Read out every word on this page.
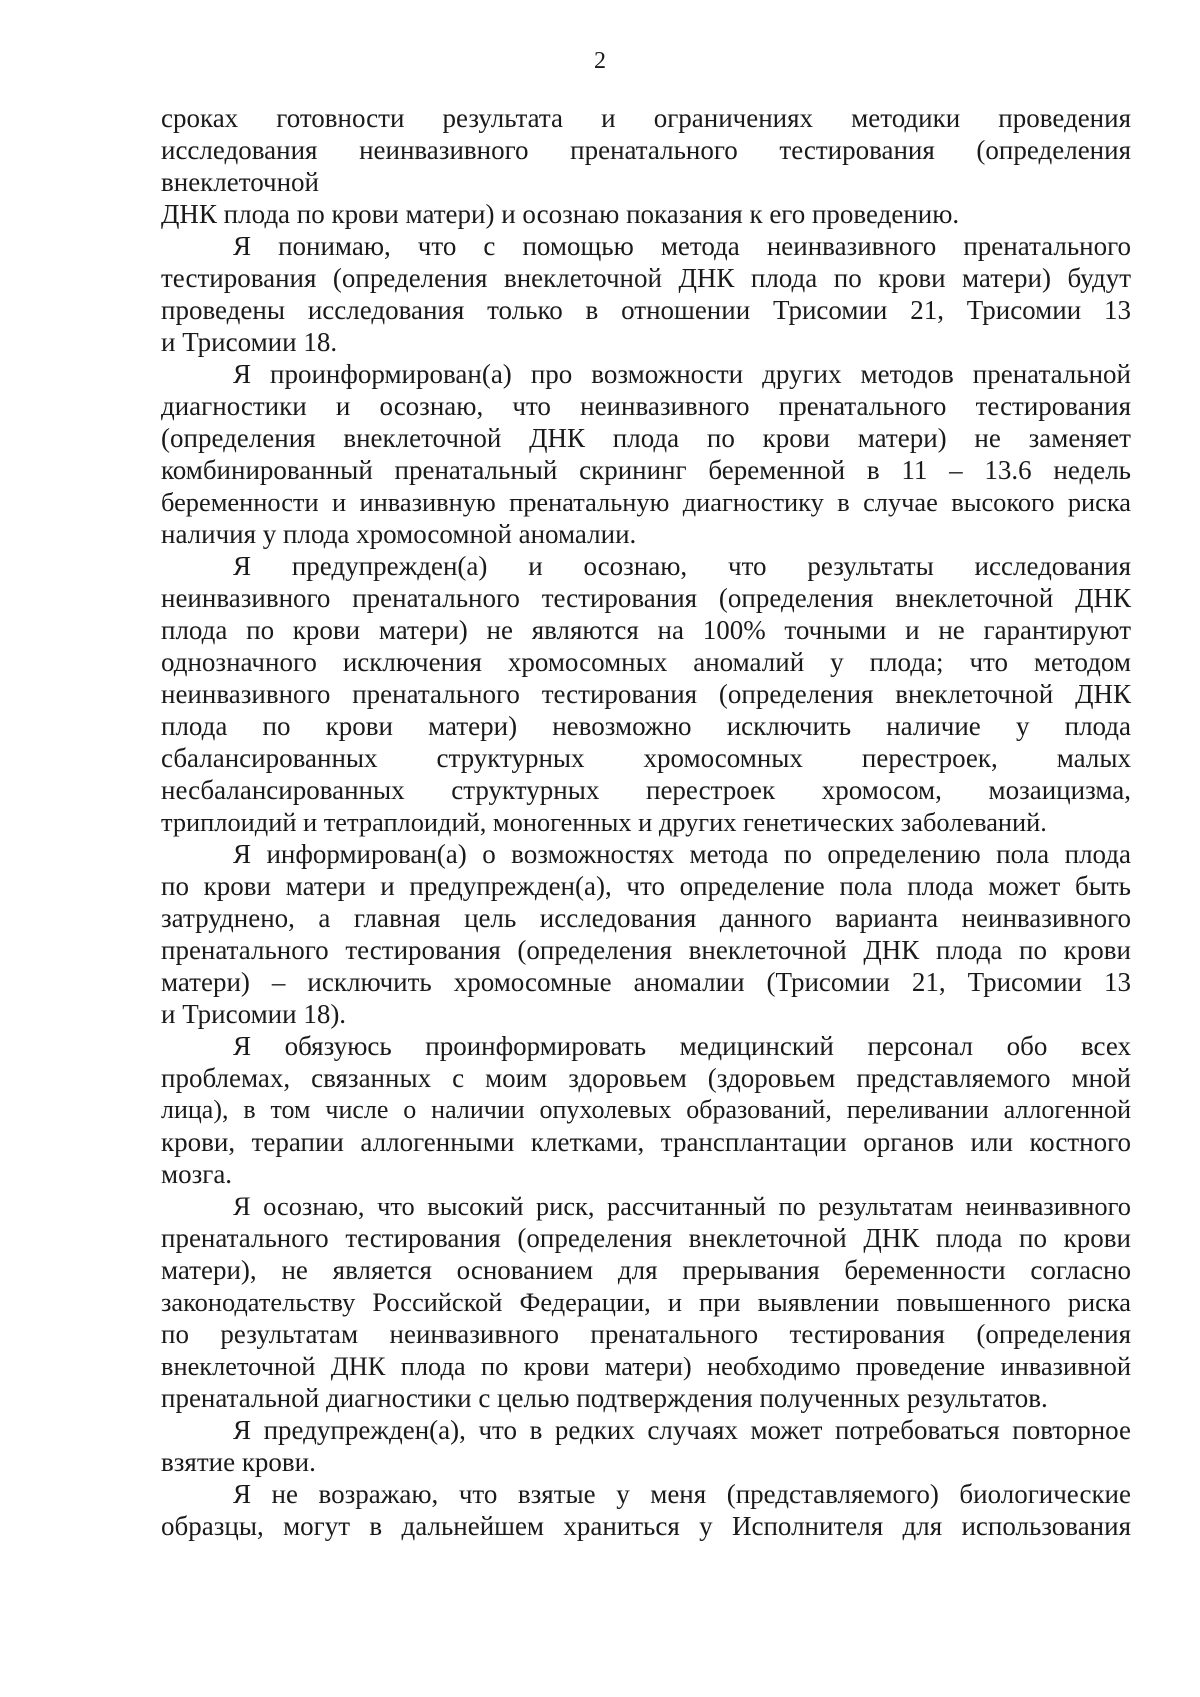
2
сроках готовности результата и ограничениях методики проведения
исследования неинвазивного пренатального тестирования (определения
внеклеточной
ДНК плода по крови матери) и осознаю показания к его проведению.
Я понимаю, что с помощью метода неинвазивного пренатального
тестирования (определения внеклеточной ДНК плода по крови матери) будут
проведены исследования только в отношении Трисомии 21, Трисомии 13
и Трисомии 18.
Я проинформирован(а) про возможности других методов пренатальной
диагностики и осознаю, что неинвазивного пренатального тестирования
(определения внеклеточной ДНК плода по крови матери) не заменяет
комбинированный пренатальный скрининг беременной в 11 – 13.6 недель
беременности и инвазивную пренатальную диагностику в случае высокого риска
наличия у плода хромосомной аномалии.
Я предупрежден(а) и осознаю, что результаты исследования
неинвазивного пренатального тестирования (определения внеклеточной ДНК
плода по крови матери) не являются на 100% точными и не гарантируют
однозначного исключения хромосомных аномалий у плода; что методом
неинвазивного пренатального тестирования (определения внеклеточной ДНК
плода по крови матери) невозможно исключить наличие у плода
сбалансированных структурных хромосомных перестроек, малых
несбалансированных структурных перестроек хромосом, мозаицизма,
триплоидий и тетраплоидий, моногенных и других генетических заболеваний.
Я информирован(а) о возможностях метода по определению пола плода
по крови матери и предупрежден(а), что определение пола плода может быть
затруднено, а главная цель исследования данного варианта неинвазивного
пренатального тестирования (определения внеклеточной ДНК плода по крови
матери) – исключить хромосомные аномалии (Трисомии 21, Трисомии 13
и Трисомии 18).
Я обязуюсь проинформировать медицинский персонал обо всех
проблемах, связанных с моим здоровьем (здоровьем представляемого мной
лица), в том числе о наличии опухолевых образований, переливании аллогенной
крови, терапии аллогенными клетками, трансплантации органов или костного
мозга.
Я осознаю, что высокий риск, рассчитанный по результатам неинвазивного
пренатального тестирования (определения внеклеточной ДНК плода по крови
матери), не является основанием для прерывания беременности согласно
законодательству Российской Федерации, и при выявлении повышенного риска
по результатам неинвазивного пренатального тестирования (определения
внеклеточной ДНК плода по крови матери) необходимо проведение инвазивной
пренатальной диагностики с целью подтверждения полученных результатов.
Я предупрежден(а), что в редких случаях может потребоваться повторное
взятие крови.
Я не возражаю, что взятые у меня (представляемого) биологические
образцы, могут в дальнейшем храниться у Исполнителя для использования
